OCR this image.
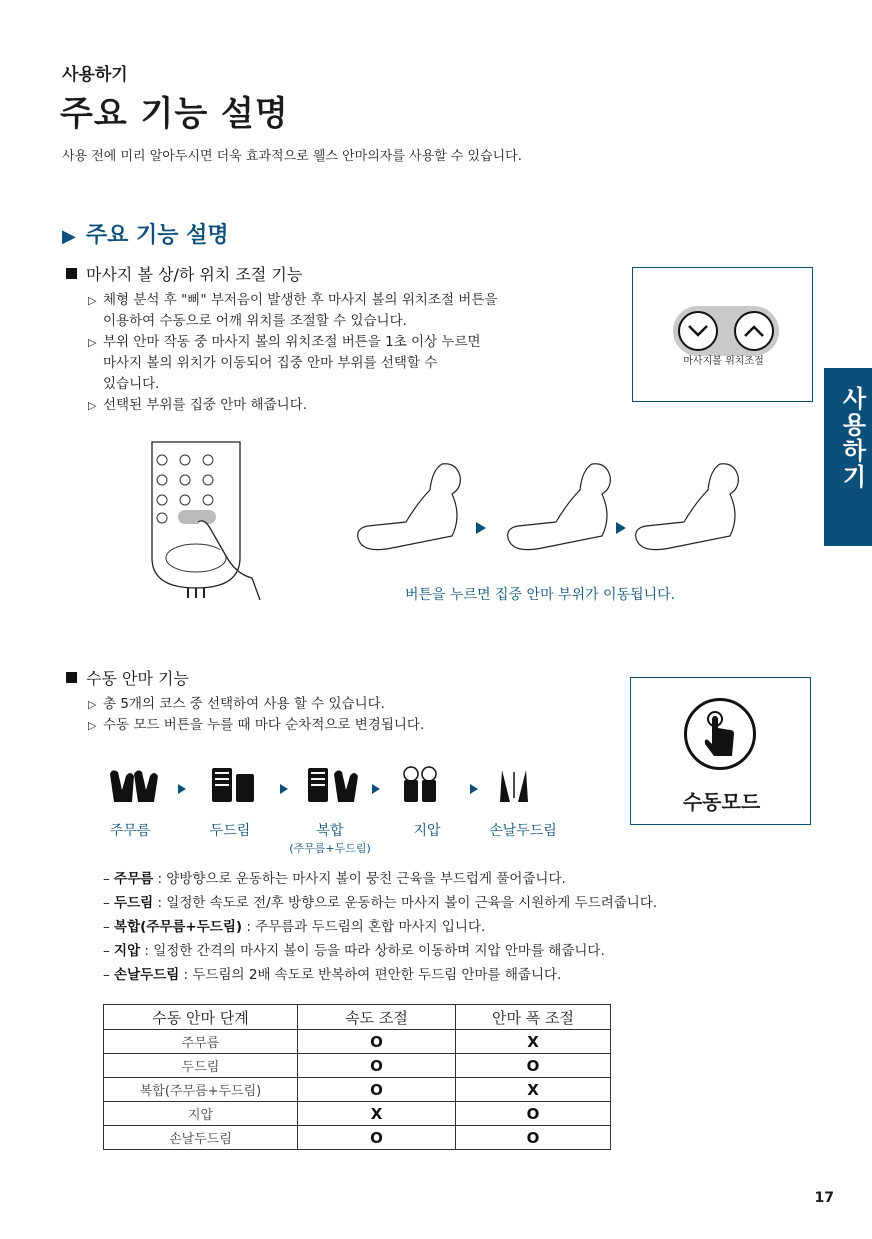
사용하기
주요 기능 설명
사용 전에 미리 알아두시면 더욱 효과적으로 웰스 안마의자를 사용할 수 있습니다.
▶ 주요 기능 설명
사용하기
마사지 볼 상/하 위치 조절 기능
▷ 체형 분석 후 "삐" 부저음이 발생한 후 마사지 볼의 위치조절 버튼을
이용하여 수동으로 어깨 위치를 조절할 수 있습니다.
▷ 부위 안마 작동 중 마사지 볼의 위치조절 버튼을 1초 이상 누르면
마사지 볼의 위치가 이동되어 집중 안마 부위를 선택할 수
있습니다.
▷ 선택된 부위를 집중 안마 해줍니다.
마사지볼 위치조절
버튼을 누르면 집중 안마 부위가 이동됩니다.
수동 안마 기능
▷ 총 5개의 코스 중 선택하여 사용 할 수 있습니다.
▷ 수동 모드 버튼을 누를 때 마다 순차적으로 변경됩니다.
수동모드
주무름	두드림	복합
(주무름+두드림)
지압	손날두드림
– 주무름 : 양방향으로 운동하는 마사지 볼이 뭉친 근육을 부드럽게 풀어줍니다.
– 두드림 : 일정한 속도로 전/후 방향으로 운동하는 마사지 볼이 근육을 시원하게 두드려줍니다.
– 복합(주무름+두드림) : 주무름과 두드림의 혼합 마사지 입니다.
– 지압 : 일정한 간격의 마사지 볼이 등을 따라 상하로 이동하며 지압 안마를 해줍니다.
– 손날두드림 : 두드림의 2배 속도로 반복하여 편안한 두드림 안마를 해줍니다.
수동 안마 단계	속도 조절	안마 폭 조절
주무름	O	X
두드림	O	O
복합(주무름+두드림)	O	X
지압	X	O
손날두드림	O	O
17
